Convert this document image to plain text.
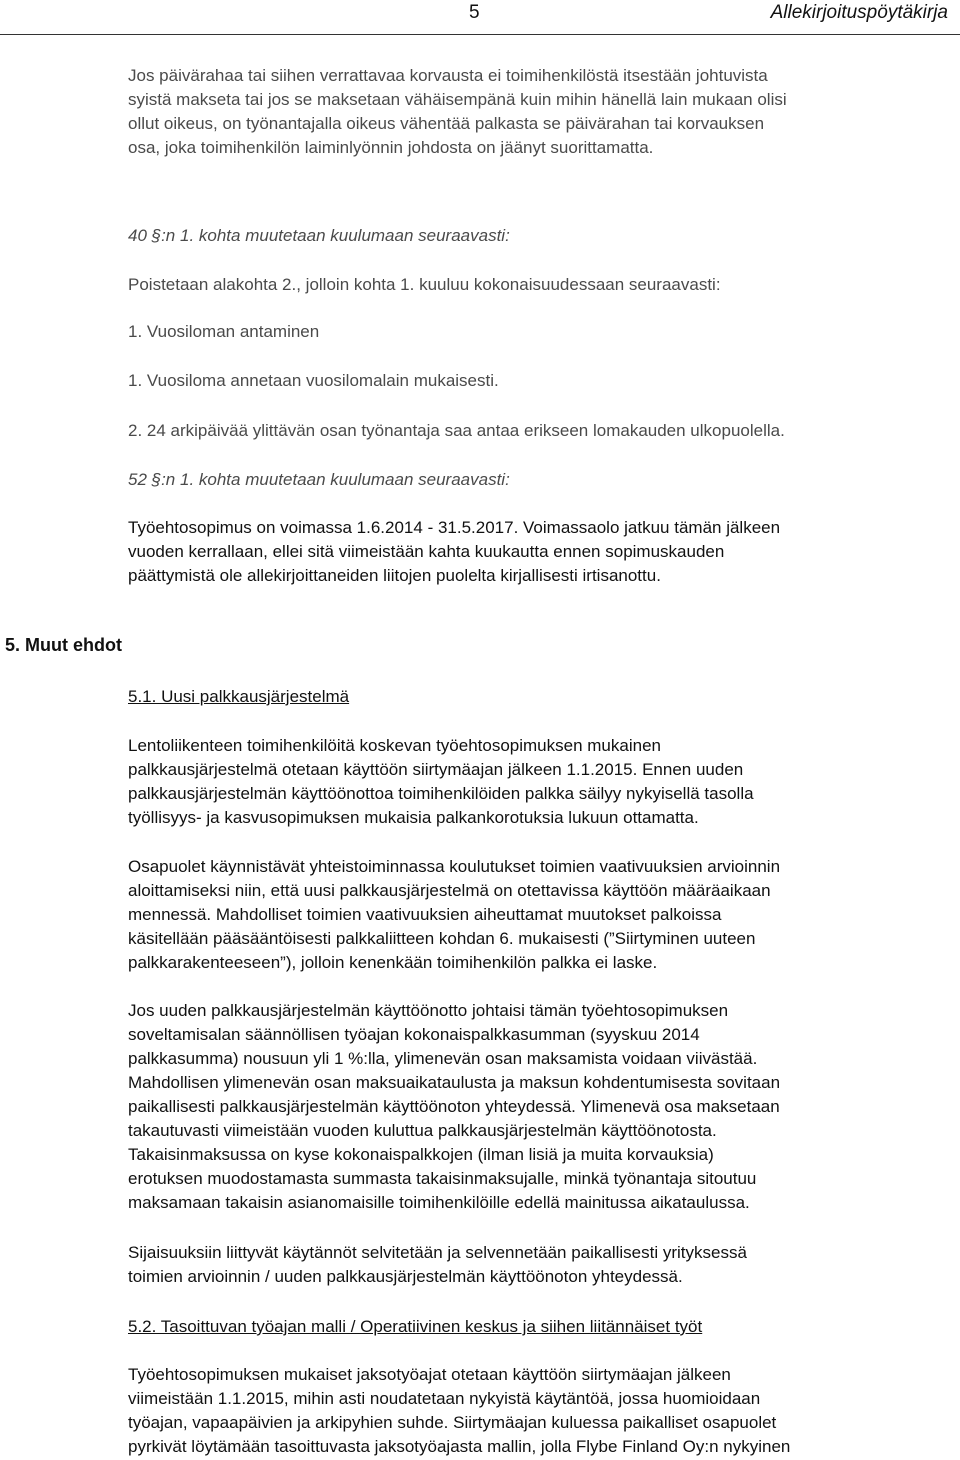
5	Allekirjoituspöytäkirja
Jos päivärahaa tai siihen verrattavaa korvausta ei toimihenkilöstä itsestään johtuvista
syistä makseta tai jos se maksetaan vähäisempänä kuin mihin hänellä lain mukaan olisi
ollut oikeus, on työnantajalla oikeus vähentää palkasta se päivärahan tai korvauksen
osa, joka toimihenkilön laiminlyönnin johdosta on jäänyt suorittamatta.
40 §:n 1. kohta muutetaan kuulumaan seuraavasti:
Poistetaan alakohta 2., jolloin kohta 1. kuuluu kokonaisuudessaan seuraavasti:
1. Vuosiloman antaminen
1. Vuosiloma annetaan vuosilomalain mukaisesti.
2. 24 arkipäivää ylittävän osan työnantaja saa antaa erikseen lomakauden ulkopuolella.
52 §:n 1. kohta muutetaan kuulumaan seuraavasti:
Työehtosopimus on voimassa 1.6.2014 - 31.5.2017. Voimassaolo jatkuu tämän jälkeen
vuoden kerrallaan, ellei sitä viimeistään kahta kuukautta ennen sopimuskauden
päättymistä ole allekirjoittaneiden liitojen puolelta kirjallisesti irtisanottu.
5. Muut ehdot
5.1. Uusi palkkausjärjestelmä
Lentoliikenteen toimihenkilöitä koskevan työehtosopimuksen mukainen
palkkausjärjestelmä otetaan käyttöön siirtymäajan jälkeen 1.1.2015. Ennen uuden
palkkausjärjestelmän käyttöönottoa toimihenkilöiden palkka säilyy nykyisellä tasolla
työllisyys- ja kasvusopimuksen mukaisia palkankorotuksia lukuun ottamatta.
Osapuolet käynnistävät yhteistoiminnassa koulutukset toimien vaativuuksien arvioinnin
aloittamiseksi niin, että uusi palkkausjärjestelmä on otettavissa käyttöön määräaikaan
mennessä. Mahdolliset toimien vaativuuksien aiheuttamat muutokset palkoissa
käsitellään pääsääntöisesti palkkaliitteen kohdan 6. mukaisesti (”Siirtyminen uuteen
palkkarakenteeseen”), jolloin kenenkään toimihenkilön palkka ei laske.
Jos uuden palkkausjärjestelmän käyttöönotto johtaisi tämän työehtosopimuksen
soveltamisalan säännöllisen työajan kokonaispalkkasumman (syyskuu 2014
palkkasumma) nousuun yli 1 %:lla, ylimenevän osan maksamista voidaan viivästää.
Mahdollisen ylimenevän osan maksuaikataulusta ja maksun kohdentumisesta sovitaan
paikallisesti palkkausjärjestelmän käyttöönoton yhteydessä. Ylimenevä osa maksetaan
takautuvasti viimeistään vuoden kuluttua palkkausjärjestelmän käyttöönotosta.
Takaisinmaksussa on kyse kokonaispalkkojen (ilman lisiä ja muita korvauksia)
erotuksen muodostamasta summasta takaisinmaksujalle, minkä työnantaja sitoutuu
maksamaan takaisin asianomaisille toimihenkilöille edellä mainitussa aikataulussa.
Sijaisuuksiin liittyvät käytännöt selvitetään ja selvennetään paikallisesti yrityksessä
toimien arvioinnin / uuden palkkausjärjestelmän käyttöönoton yhteydessä.
5.2. Tasoittuvan työajan malli / Operatiivinen keskus ja siihen liitännäiset työt
Työehtosopimuksen mukaiset jaksotyöajat otetaan käyttöön siirtymäajan jälkeen
viimeistään 1.1.2015, mihin asti noudatetaan nykyistä käytäntöä, jossa huomioidaan
työajan, vapaapäivien ja arkipyhien suhde. Siirtymäajan kuluessa paikalliset osapuolet
pyrkivät löytämään tasoittuvasta jaksotyöajasta mallin, jolla Flybe Finland Oy:n nykyinen
